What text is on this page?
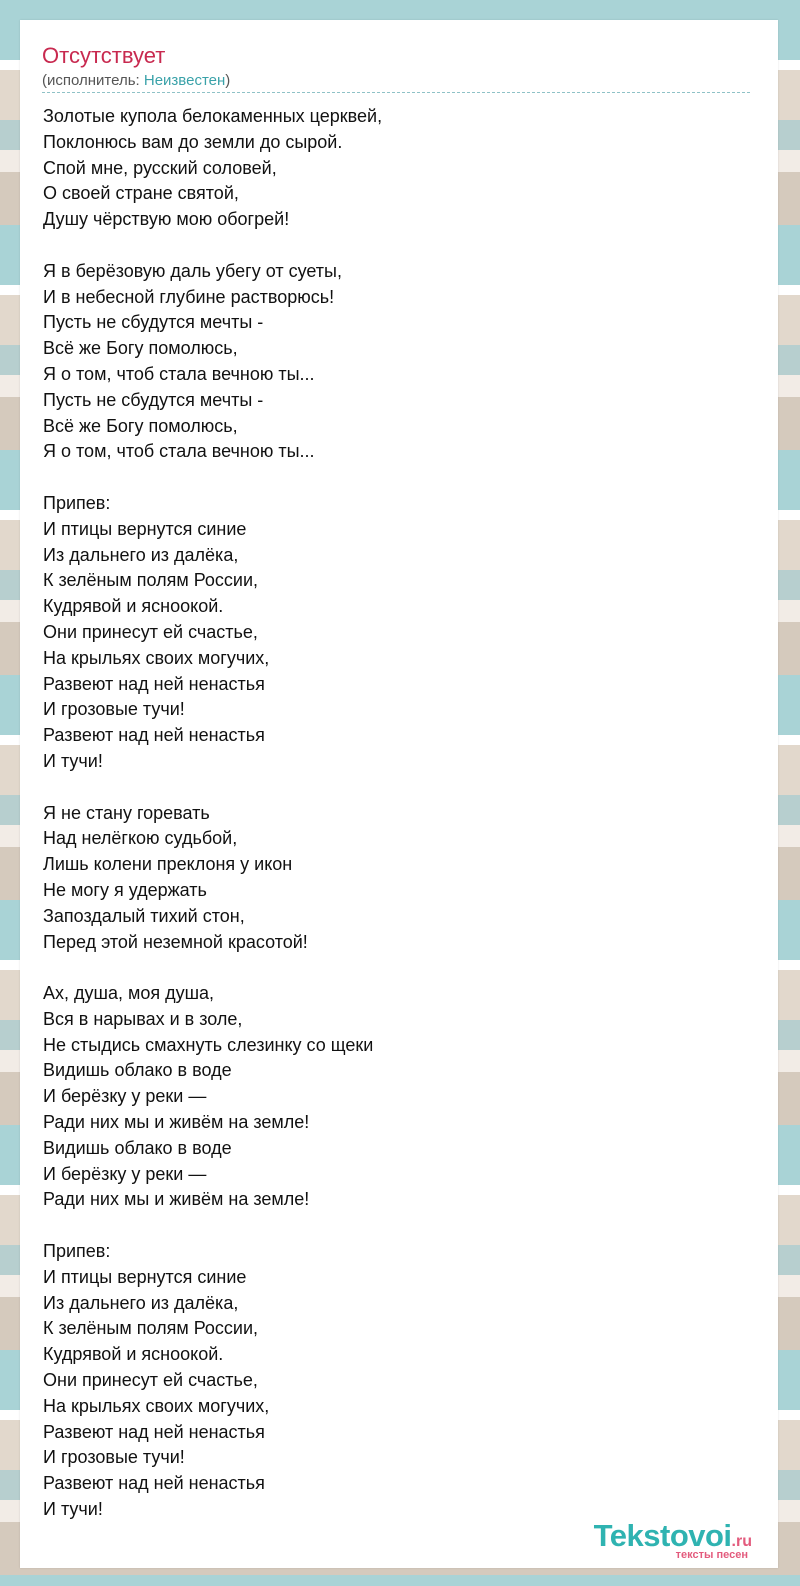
Отсутствует
(исполнитель: Неизвестен)
Золотые купола белокаменных церквей,
Поклонюсь вам до земли до сырой.
Спой мне, русский соловей,
О своей стране святой,
Душу чёрствую мою обогрей!

Я в берёзовую даль убегу от суеты,
И в небесной глубине растворюсь!
Пусть не сбудутся мечты -
Всё же Богу помолюсь,
Я о том, чтоб стала вечною ты...
Пусть не сбудутся мечты -
Всё же Богу помолюсь,
Я о том, чтоб стала вечною ты...

Припев:
И птицы вернутся синие
Из дальнего из далёка,
К зелёным полям России,
Кудрявой и ясноокой.
Они принесут ей счастье,
На крыльях своих могучих,
Развеют над ней ненастья
И грозовые тучи!
Развеют над ней ненастья
И тучи!

Я не стану горевать
Над нелёгкою судьбой,
Лишь колени преклоня у икон
Не могу я удержать
Запоздалый тихий стон,
Перед этой неземной красотой!

Ах, душа, моя душа,
Вся в нарывах и в золе,
Не стыдись смахнуть слезинку со щеки
Видишь облако в воде
И берёзку у реки —
Ради них мы и живём на земле!
Видишь облако в воде
И берёзку у реки —
Ради них мы и живём на земле!

Припев:
И птицы вернутся синие
Из дальнего из далёка,
К зелёным полям России,
Кудрявой и ясноокой.
Они принесут ей счастье,
На крыльях своих могучих,
Развеют над ней ненастья
И грозовые тучи!
Развеют над ней ненастья
И тучи!
Tekstovoi.ru
тексты песен
